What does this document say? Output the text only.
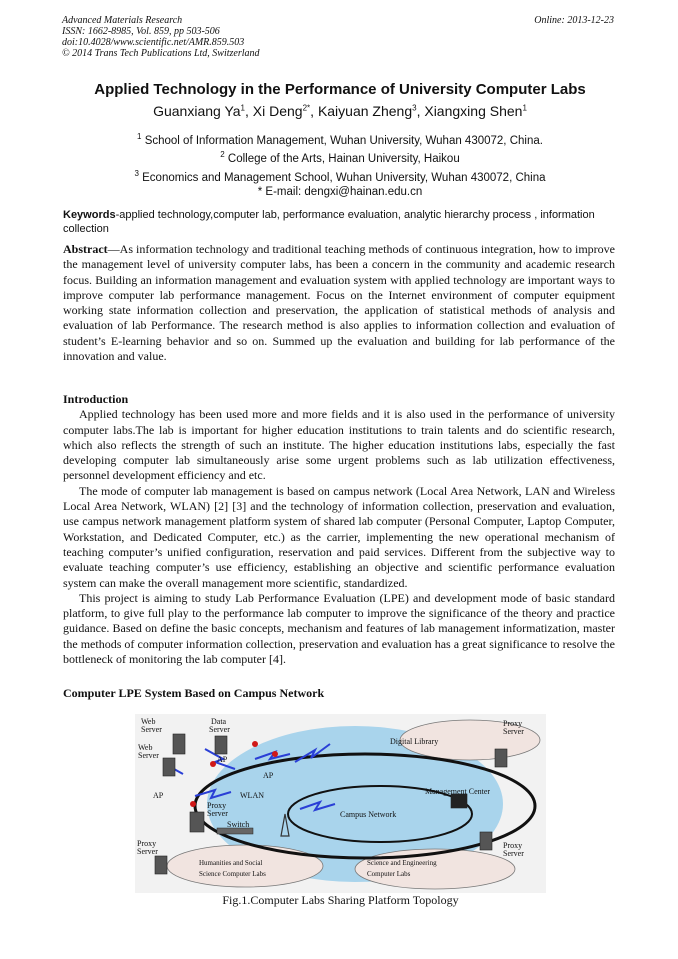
Advanced Materials Research
ISSN: 1662-8985, Vol. 859, pp 503-506
doi:10.4028/www.scientific.net/AMR.859.503
© 2014 Trans Tech Publications Ltd, Switzerland
Online: 2013-12-23
Applied Technology in the Performance of University Computer Labs
Guanxiang Ya$^1$, Xi Deng$^{2*}$, Kaiyuan Zheng$^3$, Xiangxing Shen$^1$
$^1$ School of Information Management, Wuhan University, Wuhan 430072, China.
$^2$ College of the Arts, Hainan University, Haikou
$^3$ Economics and Management School, Wuhan University, Wuhan 430072, China
* E-mail: dengxi@hainan.edu.cn
Keywords-applied technology,computer lab, performance evaluation, analytic hierarchy process , information collection
Abstract—As information technology and traditional teaching methods of continuous integration, how to improve the management level of university computer labs, has been a concern in the community and academic research focus. Building an information management and evaluation system with applied technology are important ways to improve computer lab performance management. Focus on the Internet environment of computer equipment working state information collection and preservation, the application of statistical methods of analysis and evaluation of lab Performance. The research method is also applies to information collection and evaluation of student’s E-learning behavior and so on. Summed up the evaluation and building for lab performance of the innovation and value.
Introduction

Applied technology has been used more and more fields and it is also used in the performance of university computer labs.The lab is important for higher education institutions to train talents and do scientific research, which also reflects the strength of such an institute. The higher education institutions labs, especially the fast developing computer lab simultaneously arise some urgent problems such as lab utilization effectiveness, personnel development efficiency and etc.

The mode of computer lab management is based on campus network (Local Area Network, LAN and Wireless Local Area Network, WLAN) [2] [3] and the technology of information collection, preservation and evaluation, use campus network management platform system of shared lab computer (Personal Computer, Laptop Computer, Workstation, and Dedicated Computer, etc.) as the carrier, implementing the new operational mechanism of teaching computer’s unified configuration, reservation and paid services. Different from the subjective way to evaluate teaching computer’s use efficiency, establishing an objective and scientific performance evaluation system can make the overall management more scientific, standardized.

This project is aiming to study Lab Performance Evaluation (LPE) and development mode of basic standard platform, to give full play to the performance lab computer to improve the significance of the theory and practice guidance. Based on define the basic concepts, mechanism and features of lab management informatization, master the methods of computer information collection, preservation and evaluation has a great significance to resolve the bottleneck of monitoring the lab computer [4].

Computer LPE System Based on Campus Network
Web
Server
Web
Server
Data
Server
AP
AP
AP	WLAN
Proxy
Server
Switch
Digital Library
Proxy
Server
Management Center
Campus Network
Proxy
Server
Proxy
Server
Humanities and Social
Science Computer Labs
Science and Engineering
Computer Labs
Fig.1.Computer Labs Sharing Platform Topology
